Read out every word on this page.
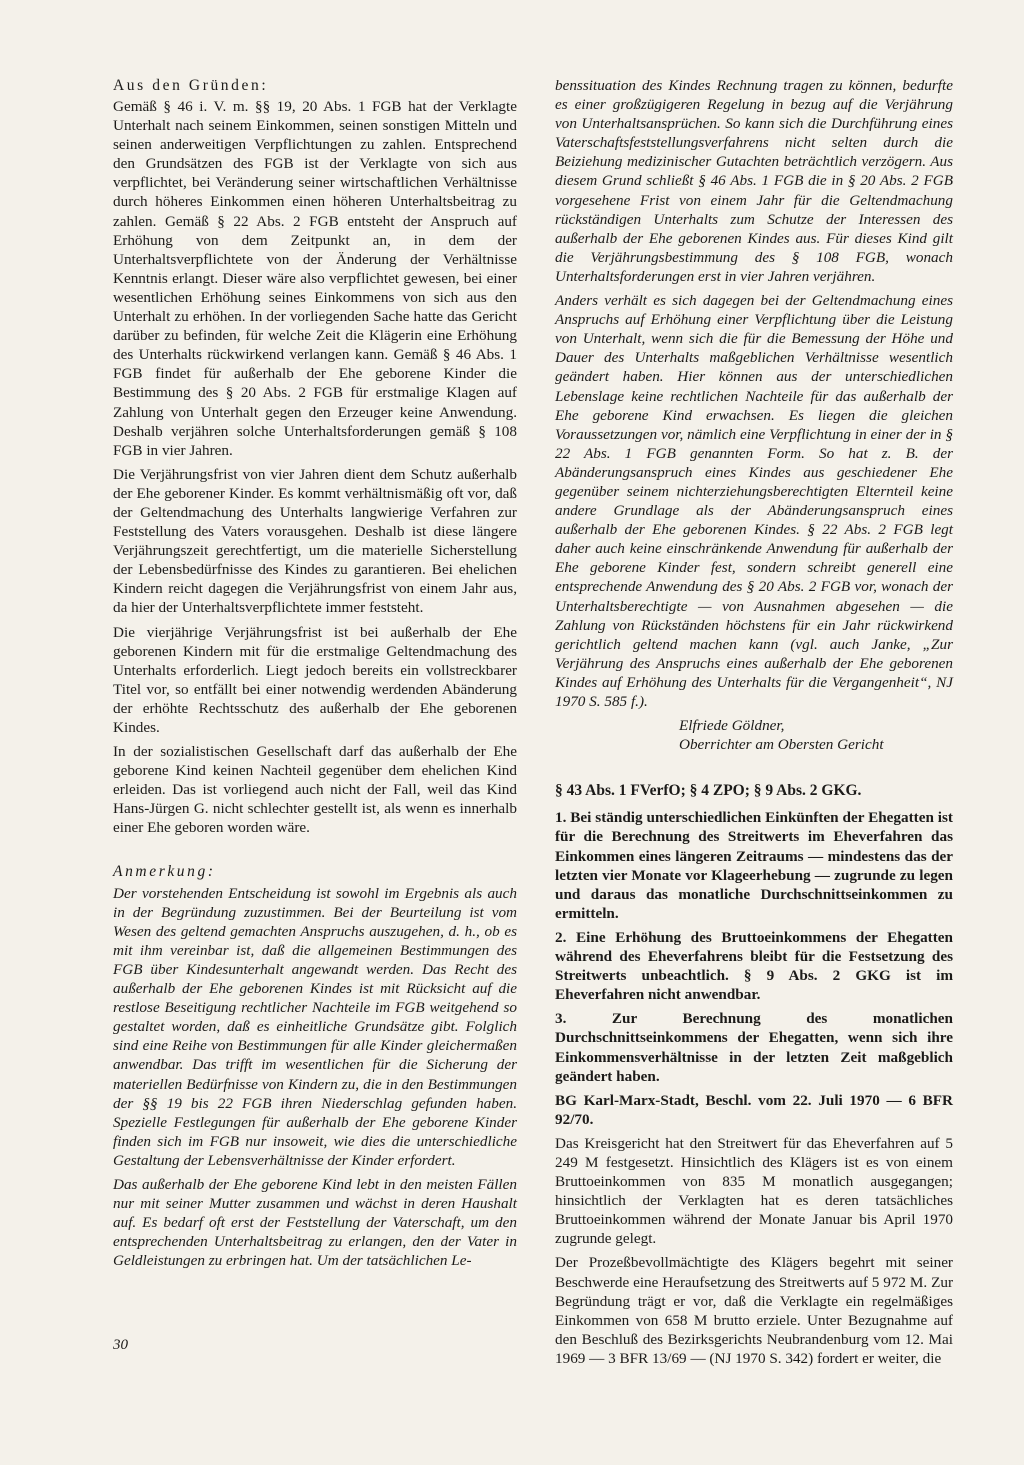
Aus den Gründen:

Gemäß § 46 i. V. m. §§ 19, 20 Abs. 1 FGB hat der Verklagte Unterhalt nach seinem Einkommen, seinen sonstigen Mitteln und seinen anderweitigen Verpflichtungen zu zahlen. Entsprechend den Grundsätzen des FGB ist der Verklagte von sich aus verpflichtet, bei Veränderung seiner wirtschaftlichen Verhältnisse durch höheres Einkommen einen höheren Unterhaltsbeitrag zu zahlen. Gemäß § 22 Abs. 2 FGB entsteht der Anspruch auf Erhöhung von dem Zeitpunkt an, in dem der Unterhaltsverpflichtete von der Änderung der Verhältnisse Kenntnis erlangt. Dieser wäre also verpflichtet gewesen, bei einer wesentlichen Erhöhung seines Einkommens von sich aus den Unterhalt zu erhöhen. In der vorliegenden Sache hatte das Gericht darüber zu befinden, für welche Zeit die Klägerin eine Erhöhung des Unterhalts rückwirkend verlangen kann. Gemäß § 46 Abs. 1 FGB findet für außerhalb der Ehe geborene Kinder die Bestimmung des § 20 Abs. 2 FGB für erstmalige Klagen auf Zahlung von Unterhalt gegen den Erzeuger keine Anwendung. Deshalb verjähren solche Unterhaltsforderungen gemäß § 108 FGB in vier Jahren.

Die Verjährungsfrist von vier Jahren dient dem Schutz außerhalb der Ehe geborener Kinder. Es kommt verhältnismäßig oft vor, daß der Geltendmachung des Unterhalts langwierige Verfahren zur Feststellung des Vaters vorausgehen. Deshalb ist diese längere Verjährungszeit gerechtfertigt, um die materielle Sicherstellung der Lebensbedürfnisse des Kindes zu garantieren. Bei ehelichen Kindern reicht dagegen die Verjährungsfrist von einem Jahr aus, da hier der Unterhaltsverpflichtete immer feststeht.

Die vierjährige Verjährungsfrist ist bei außerhalb der Ehe geborenen Kindern mit für die erstmalige Geltendmachung des Unterhalts erforderlich. Liegt jedoch bereits ein vollstreckbarer Titel vor, so entfällt bei einer notwendig werdenden Abänderung der erhöhte Rechtsschutz des außerhalb der Ehe geborenen Kindes.

In der sozialistischen Gesellschaft darf das außerhalb der Ehe geborene Kind keinen Nachteil gegenüber dem ehelichen Kind erleiden. Das ist vorliegend auch nicht der Fall, weil das Kind Hans-Jürgen G. nicht schlechter gestellt ist, als wenn es innerhalb einer Ehe geboren worden wäre.

Anmerkung:

Der vorstehenden Entscheidung ist sowohl im Ergebnis als auch in der Begründung zuzustimmen. Bei der Beurteilung ist vom Wesen des geltend gemachten Anspruchs auszugehen, d. h., ob es mit ihm vereinbar ist, daß die allgemeinen Bestimmungen des FGB über Kindesunterhalt angewandt werden. Das Recht des außerhalb der Ehe geborenen Kindes ist mit Rücksicht auf die restlose Beseitigung rechtlicher Nachteile im FGB weitgehend so gestaltet worden, daß es einheitliche Grundsätze gibt. Folglich sind eine Reihe von Bestimmungen für alle Kinder gleichermaßen anwendbar. Das trifft im wesentlichen für die Sicherung der materiellen Bedürfnisse von Kindern zu, die in den Bestimmungen der §§ 19 bis 22 FGB ihren Niederschlag gefunden haben. Spezielle Festlegungen für außerhalb der Ehe geborene Kinder finden sich im FGB nur insoweit, wie dies die unterschiedliche Gestaltung der Lebensverhältnisse der Kinder erfordert.

Das außerhalb der Ehe geborene Kind lebt in den meisten Fällen nur mit seiner Mutter zusammen und wächst in deren Haushalt auf. Es bedarf oft erst der Feststellung der Vaterschaft, um den entsprechenden Unterhaltsbeitrag zu erlangen, den der Vater in Geldleistungen zu erbringen hat. Um der tatsächlichen Le-

benssituation des Kindes Rechnung tragen zu können, bedurfte es einer großzügigeren Regelung in bezug auf die Verjährung von Unterhaltsansprüchen. So kann sich die Durchführung eines Vaterschaftsfeststellungsverfahrens nicht selten durch die Beiziehung medizinischer Gutachten beträchtlich verzögern. Aus diesem Grund schließt § 46 Abs. 1 FGB die in § 20 Abs. 2 FGB vorgesehene Frist von einem Jahr für die Geltendmachung rückständigen Unterhalts zum Schutze der Interessen des außerhalb der Ehe geborenen Kindes aus. Für dieses Kind gilt die Verjährungsbestimmung des § 108 FGB, wonach Unterhaltsforderungen erst in vier Jahren verjähren.

Anders verhält es sich dagegen bei der Geltendmachung eines Anspruchs auf Erhöhung einer Verpflichtung über die Leistung von Unterhalt, wenn sich die für die Bemessung der Höhe und Dauer des Unterhalts maßgeblichen Verhältnisse wesentlich geändert haben. Hier können aus der unterschiedlichen Lebenslage keine rechtlichen Nachteile für das außerhalb der Ehe geborene Kind erwachsen. Es liegen die gleichen Voraussetzungen vor, nämlich eine Verpflichtung in einer der in § 22 Abs. 1 FGB genannten Form. So hat z. B. der Abänderungsanspruch eines Kindes aus geschiedener Ehe gegenüber seinem nichterziehungsberechtigten Elternteil keine andere Grundlage als der Abänderungsanspruch eines außerhalb der Ehe geborenen Kindes. § 22 Abs. 2 FGB legt daher auch keine einschränkende Anwendung für außerhalb der Ehe geborene Kinder fest, sondern schreibt generell eine entsprechende Anwendung des § 20 Abs. 2 FGB vor, wonach der Unterhaltsberechtigte — von Ausnahmen abgesehen — die Zahlung von Rückständen höchstens für ein Jahr rückwirkend gerichtlich geltend machen kann (vgl. auch Janke, „Zur Verjährung des Anspruchs eines außerhalb der Ehe geborenen Kindes auf Erhöhung des Unterhalts für die Vergangenheit“, NJ 1970 S. 585 f.).

Elfriede Göldner,

Oberrichter am Obersten Gericht

§ 43 Abs. 1 FVerfO; § 4 ZPO; § 9 Abs. 2 GKG.

1. Bei ständig unterschiedlichen Einkünften der Ehegatten ist für die Berechnung des Streitwerts im Eheverfahren das Einkommen eines längeren Zeitraums — mindestens das der letzten vier Monate vor Klageerhebung — zugrunde zu legen und daraus das monatliche Durchschnittseinkommen zu ermitteln.

2. Eine Erhöhung des Bruttoeinkommens der Ehegatten während des Eheverfahrens bleibt für die Festsetzung des Streitwerts unbeachtlich. § 9 Abs. 2 GKG ist im Eheverfahren nicht anwendbar.

3. Zur Berechnung des monatlichen Durchschnittseinkommens der Ehegatten, wenn sich ihre Einkommensverhältnisse in der letzten Zeit maßgeblich geändert haben.

BG Karl-Marx-Stadt, Beschl. vom 22. Juli 1970 — 6 BFR 92/70.

Das Kreisgericht hat den Streitwert für das Eheverfahren auf 5 249 M festgesetzt. Hinsichtlich des Klägers ist es von einem Bruttoeinkommen von 835 M monatlich ausgegangen; hinsichtlich der Verklagten hat es deren tatsächliches Bruttoeinkommen während der Monate Januar bis April 1970 zugrunde gelegt.

Der Prozeßbevollmächtigte des Klägers begehrt mit seiner Beschwerde eine Heraufsetzung des Streitwerts auf 5 972 M. Zur Begründung trägt er vor, daß die Verklagte ein regelmäßiges Einkommen von 658 M brutto erziele. Unter Bezugnahme auf den Beschluß des Bezirksgerichts Neubrandenburg vom 12. Mai 1969 — 3 BFR 13/69 — (NJ 1970 S. 342) fordert er weiter, die

30
